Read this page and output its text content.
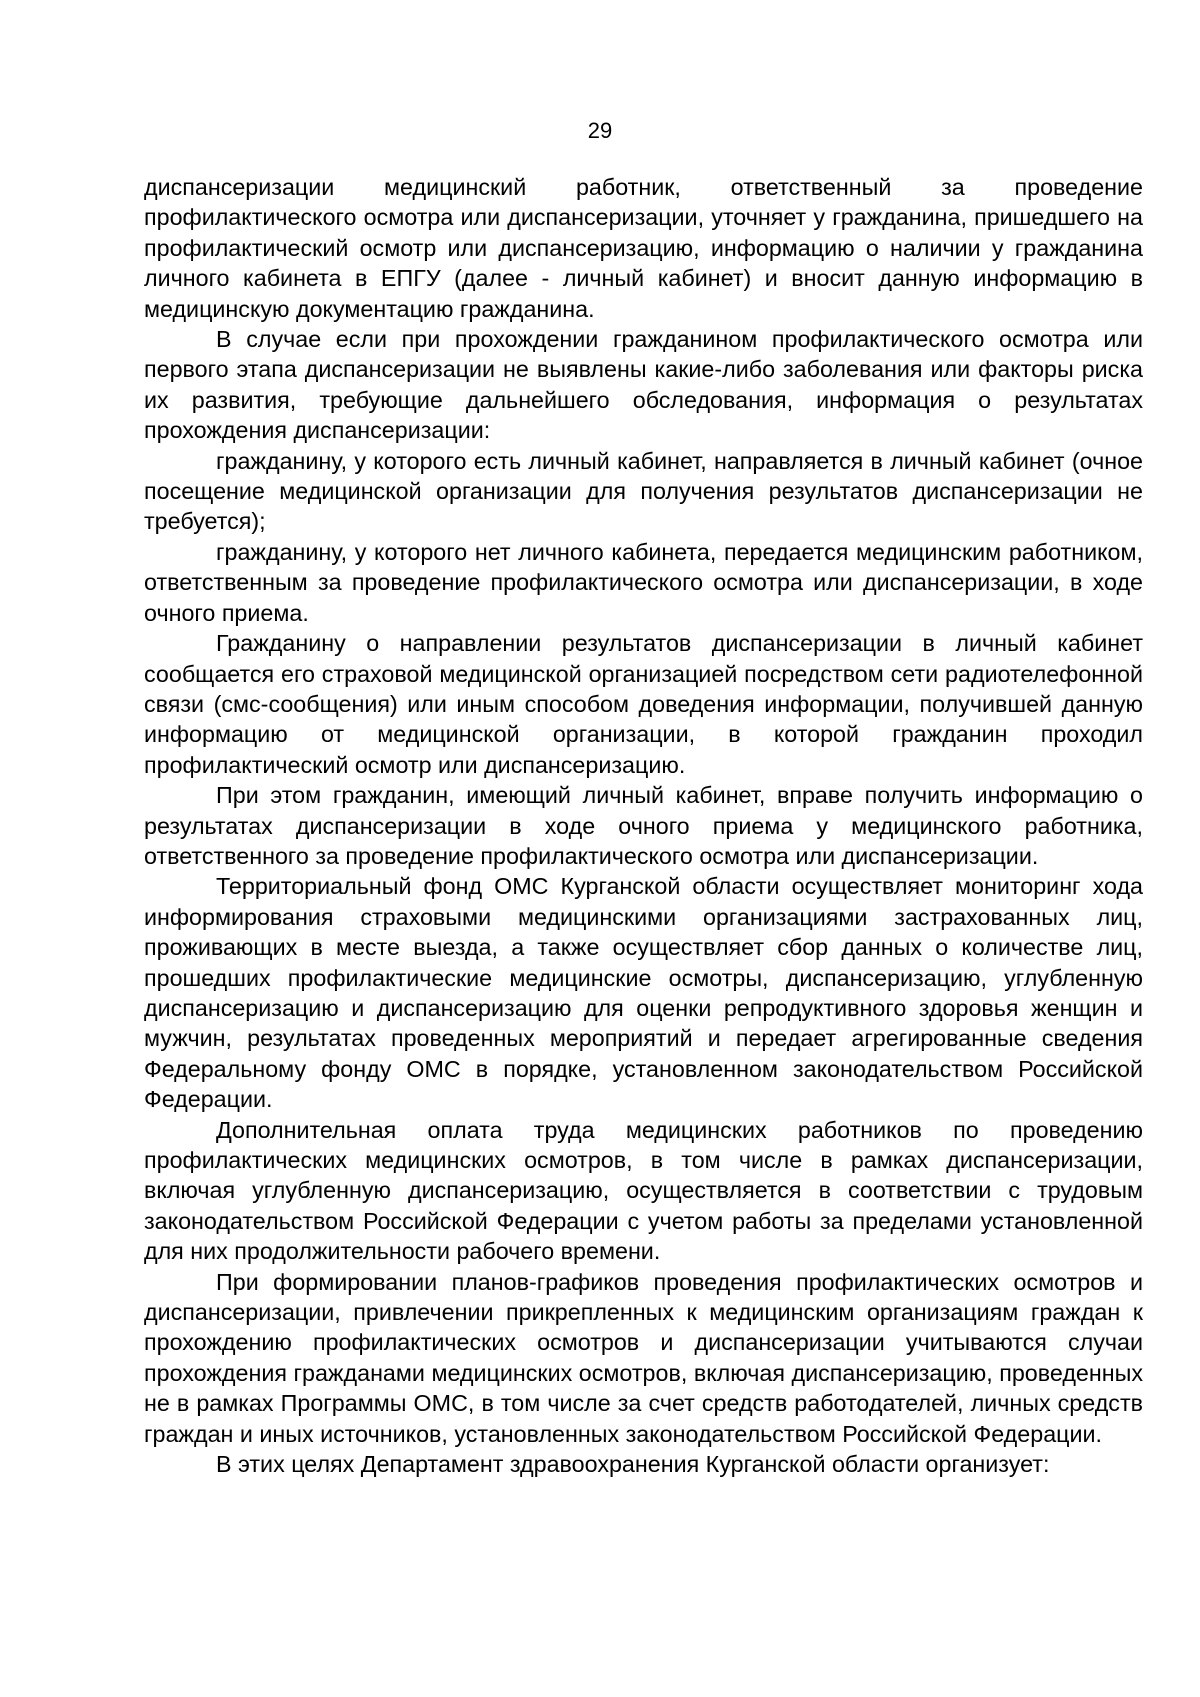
29

диспансеризации медицинский работник, ответственный за проведение профилактического осмотра или диспансеризации, уточняет у гражданина, пришедшего на профилактический осмотр или диспансеризацию, информацию о наличии у гражданина личного кабинета в ЕПГУ (далее - личный кабинет) и вносит данную информацию в медицинскую документацию гражданина.

В случае если при прохождении гражданином профилактического осмотра или первого этапа диспансеризации не выявлены какие-либо заболевания или факторы риска их развития, требующие дальнейшего обследования, информация о результатах прохождения диспансеризации:

гражданину, у которого есть личный кабинет, направляется в личный кабинет (очное посещение медицинской организации для получения результатов диспансеризации не требуется);

гражданину, у которого нет личного кабинета, передается медицинским работником, ответственным за проведение профилактического осмотра или диспансеризации, в ходе очного приема.

Гражданину о направлении результатов диспансеризации в личный кабинет сообщается его страховой медицинской организацией посредством сети радиотелефонной связи (смс-сообщения) или иным способом доведения информации, получившей данную информацию от медицинской организации, в которой гражданин проходил профилактический осмотр или диспансеризацию.

При этом гражданин, имеющий личный кабинет, вправе получить информацию о результатах диспансеризации в ходе очного приема у медицинского работника, ответственного за проведение профилактического осмотра или диспансеризации.

Территориальный фонд ОМС Курганской области осуществляет мониторинг хода информирования страховыми медицинскими организациями застрахованных лиц, проживающих в месте выезда, а также осуществляет сбор данных о количестве лиц, прошедших профилактические медицинские осмотры, диспансеризацию, углубленную диспансеризацию и диспансеризацию для оценки репродуктивного здоровья женщин и мужчин, результатах проведенных мероприятий и передает агрегированные сведения Федеральному фонду ОМС в порядке, установленном законодательством Российской Федерации.

Дополнительная оплата труда медицинских работников по проведению профилактических медицинских осмотров, в том числе в рамках диспансеризации, включая углубленную диспансеризацию, осуществляется в соответствии с трудовым законодательством Российской Федерации с учетом работы за пределами установленной для них продолжительности рабочего времени.

При формировании планов-графиков проведения профилактических осмотров и диспансеризации, привлечении прикрепленных к медицинским организациям граждан к прохождению профилактических осмотров и диспансеризации учитываются случаи прохождения гражданами медицинских осмотров, включая диспансеризацию, проведенных не в рамках Программы ОМС, в том числе за счет средств работодателей, личных средств граждан и иных источников, установленных законодательством Российской Федерации.

В этих целях Департамент здравоохранения Курганской области организует:
